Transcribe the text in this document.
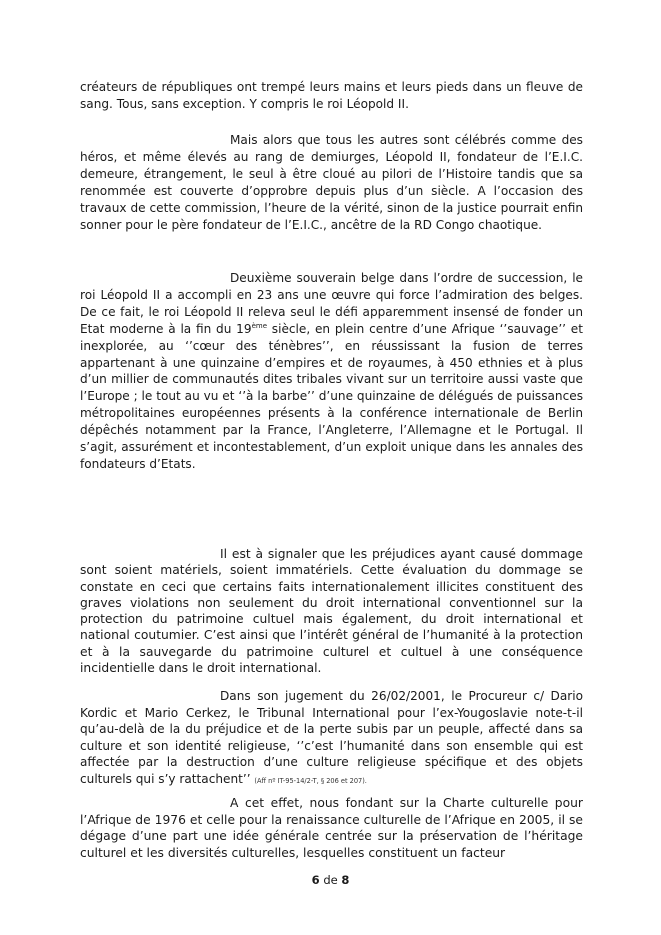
créateurs de républiques ont trempé leurs mains et leurs pieds dans un fleuve de sang. Tous, sans exception. Y compris le roi Léopold II.

Mais alors que tous les autres sont célébrés comme des héros, et même élevés au rang de demiurges, Léopold II, fondateur de l’E.I.C. demeure, étrangement, le seul à être cloué au pilori de l’Histoire tandis que sa renommée est couverte d’opprobre depuis plus d’un siècle. A l’occasion des travaux de cette commission, l’heure de la vérité, sinon de la justice pourrait enfin sonner pour le père fondateur de l’E.I.C., ancêtre de la RD Congo chaotique.

Deuxième souverain belge dans l’ordre de succession, le roi Léopold II a accompli en 23 ans une œuvre qui force l’admiration des belges. De ce fait, le roi Léopold II releva seul le défi apparemment insensé de fonder un Etat moderne à la fin du 19ème siècle, en plein centre d’une Afrique ‘’sauvage’’ et inexplorée, au ‘’cœur des ténèbres’’, en réussissant la fusion de terres appartenant à une quinzaine d’empires et de royaumes, à 450 ethnies et à plus d’un millier de communautés dites tribales vivant sur un territoire aussi vaste que l’Europe ; le tout au vu et ‘’à la barbe’’ d’une quinzaine de délégués de puissances métropolitaines européennes présents à la conférence internationale de Berlin dépêchés notamment par la France, l’Angleterre, l’Allemagne et le Portugal. Il s’agit, assurément et incontestablement, d’un exploit unique dans les annales des fondateurs d’Etats.

Il est à signaler que les préjudices ayant causé dommage sont soient matériels, soient immatériels. Cette évaluation du dommage se constate en ceci que certains faits internationalement illicites constituent des graves violations non seulement du droit international conventionnel sur la protection du patrimoine cultuel mais également, du droit international et national coutumier. C’est ainsi que l’intérêt général de l’humanité à la protection et à la sauvegarde du patrimoine culturel et cultuel à une conséquence incidentielle dans le droit international.

Dans son jugement du 26/02/2001, le Procureur c/ Dario Kordic et Mario Cerkez, le Tribunal International pour l’ex-Yougoslavie note-t-il qu’au-delà de la du préjudice et de la perte subis par un peuple, affecté dans sa culture et son identité religieuse, ‘’c’est l’humanité dans son ensemble qui est affectée par la destruction d’une culture religieuse spécifique et des objets culturels qui s’y rattachent’’ (Aff nº IT-95-14/2-T, § 206 et 207).

A cet effet, nous fondant sur la Charte culturelle pour l’Afrique de 1976 et celle pour la renaissance culturelle de l’Afrique en 2005, il se dégage d’une part une idée générale centrée sur la préservation de l’héritage culturel et les diversités culturelles, lesquelles constituent un facteur

6 de 8
